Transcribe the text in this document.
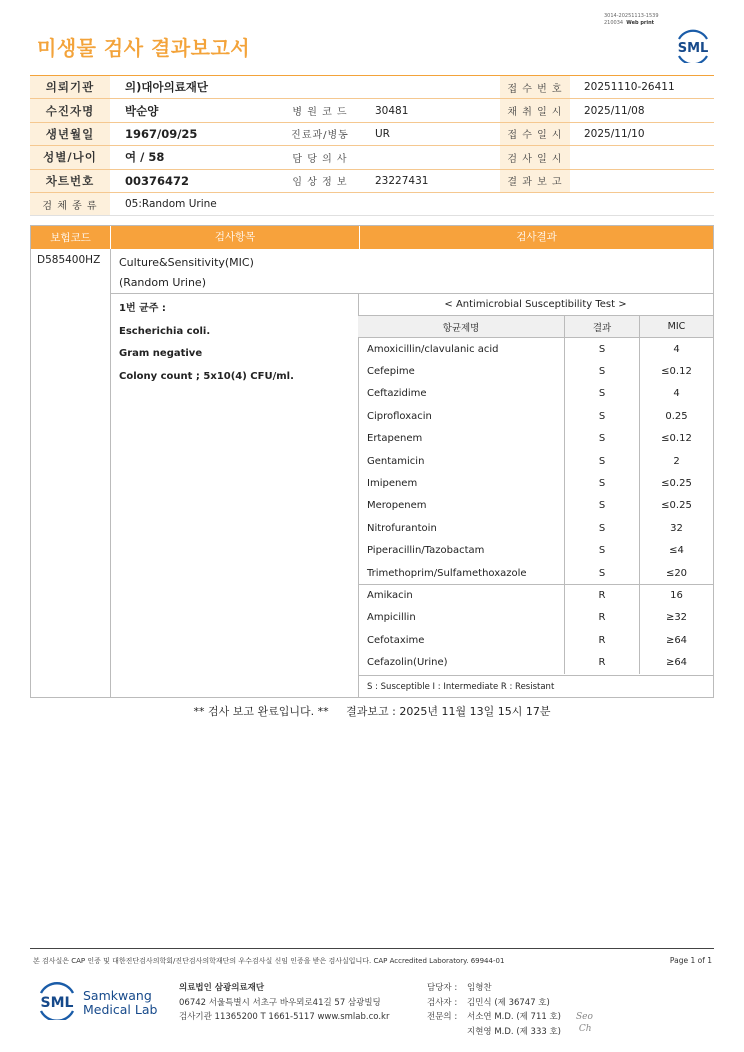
미생물 검사 결과보고서
3014-20251113-1539
210034 Web print
SML
의뢰기관	의)대아의료재단	접 수 번 호	20251110-26411
수진자명	박순양	병 원 코 드	30481	채 취 일 시	2025/11/08
생년월일	1967/09/25	진료과/병동	UR	접 수 일 시	2025/11/10
성별/나이	여 / 58	담 당 의 사	검 사 일 시
차트번호	00376472	임 상 정 보	23227431	결 과 보 고
검 체 종 류	05:Random Urine
보험코드	검사항목	검사결과
D585400HZ Culture&Sensitivity(MIC)
(Random Urine)
1번 균주 :
Escherichia coli.
Gram negative
Colony count ; 5x10(4) CFU/ml.
< Antimicrobial Susceptibility Test >
항균제명	결과	MIC
Amoxicillin/clavulanic acid	S	4
Cefepime	S	≤0.12
Ceftazidime	S	4
Ciprofloxacin	S	0.25
Ertapenem	S	≤0.12
Gentamicin	S	2
Imipenem	S	≤0.25
Meropenem	S	≤0.25
Nitrofurantoin	S	32
Piperacillin/Tazobactam	S	≤4
Trimethoprim/Sulfamethoxazole	S	≤20
Amikacin	R	16
Ampicillin	R	≥32
Cefotaxime	R	≥64
Cefazolin(Urine)	R	≥64
S : Susceptible I : Intermediate R : Resistant
** 검사 보고 완료입니다. ** 결과보고 : 2025년 11월 13일 15시 17분
본 검사실은 CAP 인증 및 대한진단검사의학회/진단검사의학재단의 우수검사실 신임 인증을 받은 검사실입니다. CAP Accredited Laboratory. 69944-01	Page 1 of 1
SML Samkwang
Medical Lab
의료법인 삼광의료재단
06742 서울특별시 서초구 바우뫼로41길 57 삼광빌딩
검사기관 11365200 T 1661-5117 www.smlab.co.kr
담당자 :	임형찬
검사자 :	김민식 (제 36747 호)
전문의 :	서소연 M.D. (제 711 호)
지현영 M.D. (제 333 호)
Seo
Ch
